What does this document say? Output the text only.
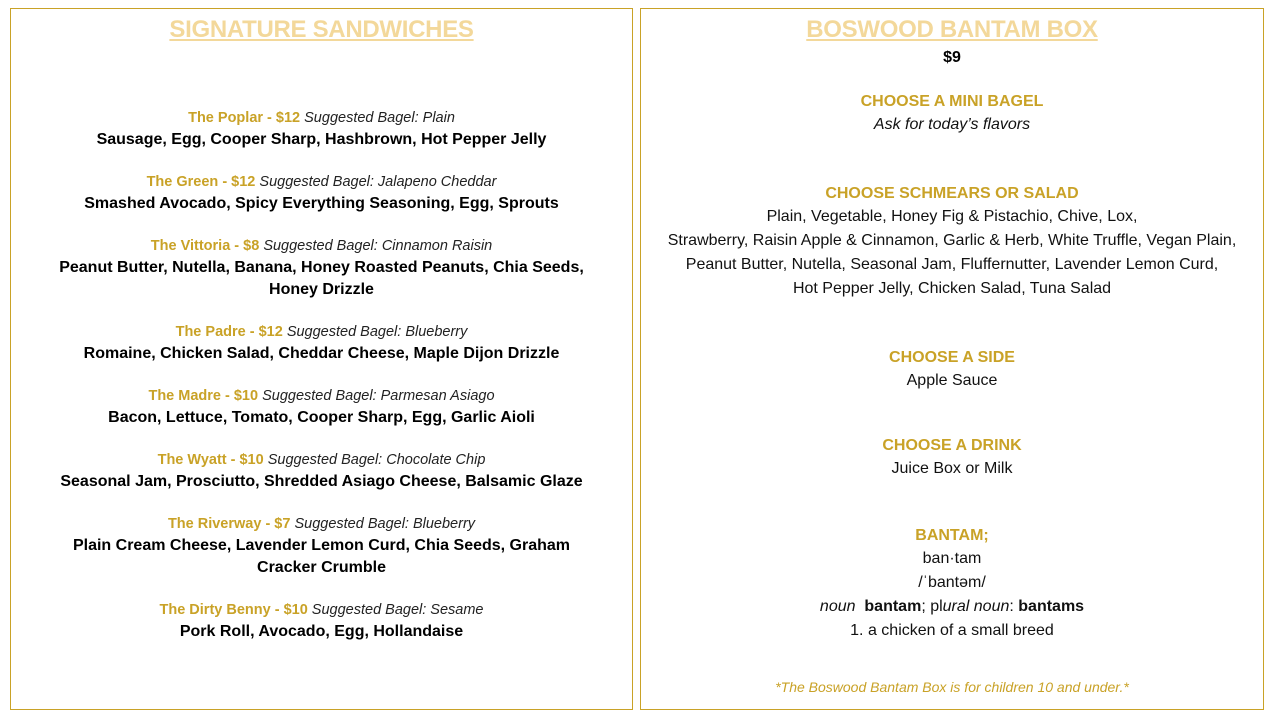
SIGNATURE SANDWICHES
The Poplar - $12 Suggested Bagel: Plain
Sausage, Egg, Cooper Sharp, Hashbrown, Hot Pepper Jelly
The Green - $12 Suggested Bagel: Jalapeno Cheddar
Smashed Avocado, Spicy Everything Seasoning, Egg, Sprouts
The Vittoria - $8 Suggested Bagel: Cinnamon Raisin
Peanut Butter, Nutella, Banana, Honey Roasted Peanuts, Chia Seeds, Honey Drizzle
The Padre - $12 Suggested Bagel: Blueberry
Romaine, Chicken Salad, Cheddar Cheese, Maple Dijon Drizzle
The Madre - $10 Suggested Bagel: Parmesan Asiago
Bacon, Lettuce, Tomato, Cooper Sharp, Egg, Garlic Aioli
The Wyatt - $10 Suggested Bagel: Chocolate Chip
Seasonal Jam, Prosciutto, Shredded Asiago Cheese, Balsamic Glaze
The Riverway - $7 Suggested Bagel: Blueberry
Plain Cream Cheese, Lavender Lemon Curd, Chia Seeds, Graham Cracker Crumble
The Dirty Benny - $10 Suggested Bagel: Sesame
Pork Roll, Avocado, Egg, Hollandaise
BOSWOOD BANTAM BOX
$9
CHOOSE A MINI BAGEL
Ask for today’s flavors
CHOOSE SCHMEARS OR SALAD
Plain, Vegetable, Honey Fig & Pistachio, Chive, Lox,
Strawberry, Raisin Apple & Cinnamon, Garlic & Herb, White Truffle, Vegan Plain,
Peanut Butter, Nutella, Seasonal Jam, Fluffernutter, Lavender Lemon Curd,
Hot Pepper Jelly, Chicken Salad, Tuna Salad
CHOOSE A SIDE
Apple Sauce
CHOOSE A DRINK
Juice Box or Milk
BANTAM;
ban·tam
/ˈbantəm/
noun bantam; plural noun: bantams
1. a chicken of a small breed
*The Boswood Bantam Box is for children 10 and under.*
